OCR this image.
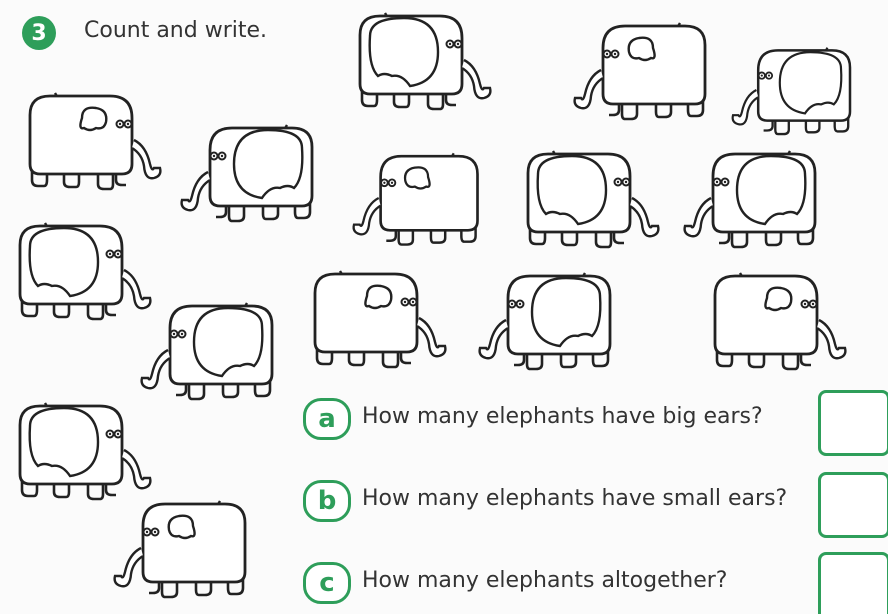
3	Count and write.
a	How many elephants have big ears?
b	How many elephants have small ears?
c	How many elephants altogether?
